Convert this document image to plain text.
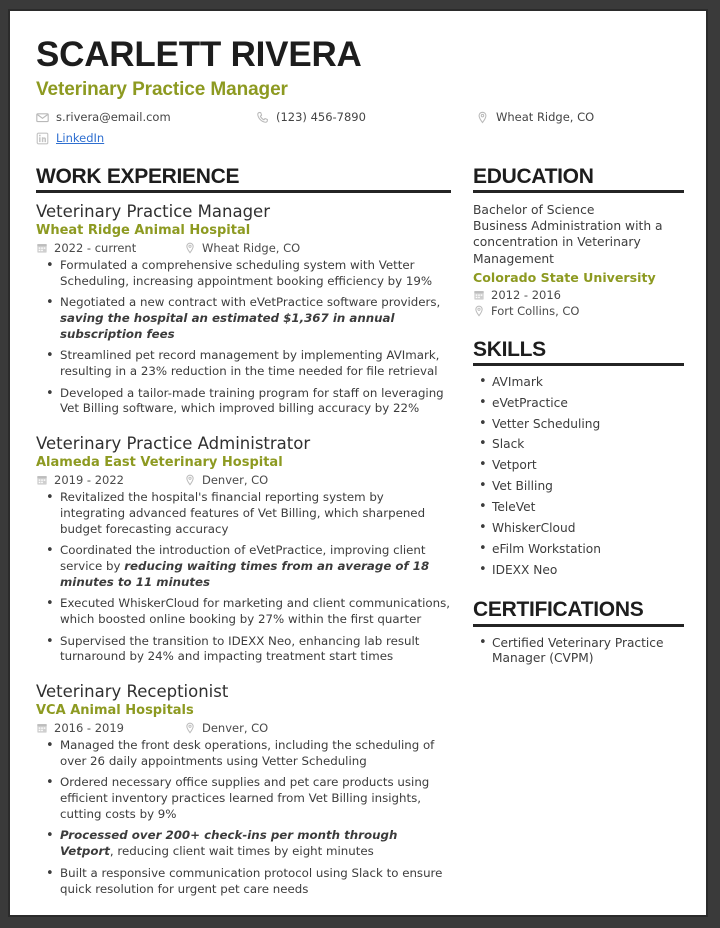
SCARLETT RIVERA
Veterinary Practice Manager
s.rivera@email.com	(123) 456-7890	Wheat Ridge, CO
LinkedIn
WORK EXPERIENCE
Veterinary Practice Manager
Wheat Ridge Animal Hospital
2022 - current	Wheat Ridge, CO
• Formulated a comprehensive scheduling system with Vetter Scheduling, increasing appointment booking efficiency by 19%
• Negotiated a new contract with eVetPractice software providers, saving the hospital an estimated $1,367 in annual subscription fees
• Streamlined pet record management by implementing AVImark, resulting in a 23% reduction in the time needed for file retrieval
• Developed a tailor-made training program for staff on leveraging Vet Billing software, which improved billing accuracy by 22%
Veterinary Practice Administrator
Alameda East Veterinary Hospital
2019 - 2022	Denver, CO
• Revitalized the hospital's financial reporting system by integrating advanced features of Vet Billing, which sharpened budget forecasting accuracy
• Coordinated the introduction of eVetPractice, improving client service by reducing waiting times from an average of 18 minutes to 11 minutes
• Executed WhiskerCloud for marketing and client communications, which boosted online booking by 27% within the first quarter
• Supervised the transition to IDEXX Neo, enhancing lab result turnaround by 24% and impacting treatment start times
Veterinary Receptionist
VCA Animal Hospitals
2016 - 2019	Denver, CO
• Managed the front desk operations, including the scheduling of over 26 daily appointments using Vetter Scheduling
• Ordered necessary office supplies and pet care products using efficient inventory practices learned from Vet Billing insights, cutting costs by 9%
• Processed over 200+ check-ins per month through Vetport, reducing client wait times by eight minutes
• Built a responsive communication protocol using Slack to ensure quick resolution for urgent pet care needs
EDUCATION
Bachelor of Science
Business Administration with a concentration in Veterinary Management
Colorado State University
2012 - 2016
Fort Collins, CO
SKILLS
• AVImark
• eVetPractice
• Vetter Scheduling
• Slack
• Vetport
• Vet Billing
• TeleVet
• WhiskerCloud
• eFilm Workstation
• IDEXX Neo
CERTIFICATIONS
• Certified Veterinary Practice Manager (CVPM)
